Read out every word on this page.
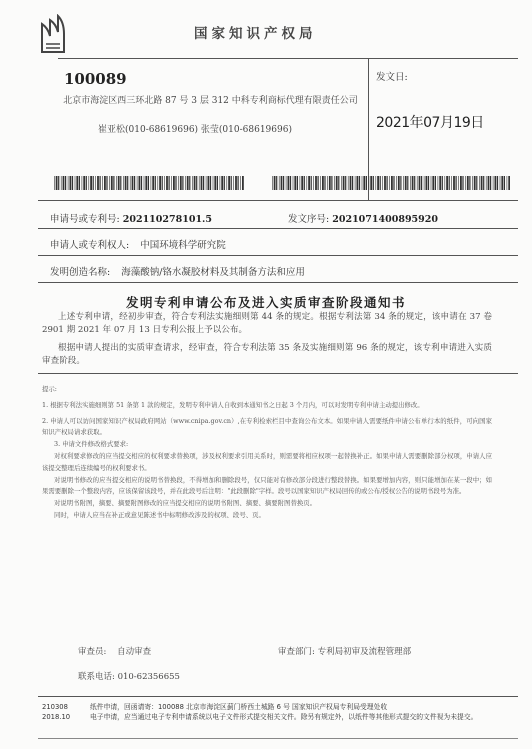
国家知识产权局
100089
北京市海淀区西三环北路 87 号 3 层 312 中科专利商标代理有限责任公司
崔亚松(010-68619696) 张莹(010-68619696)
发文日:
2021年07月19日
申请号或专利号: 202110278101.5	发文序号: 2021071400895920
申请人或专利权人: 中国环境科学研究院
发明创造名称: 海藻酸钠/铬水凝胶材料及其制备方法和应用
发明专利申请公布及进入实质审查阶段通知书
上述专利申请，经初步审查，符合专利法实施细则第 44 条的规定。根据专利法第 34 条的规定，该申请在 37 卷 2901 期 2021 年 07 月 13 日专利公报上予以公布。
根据申请人提出的实质审查请求，经审查，符合专利法第 35 条及实施细则第 96 条的规定，该专利申请进入实质审查阶段。

提示:

1. 根据专利法实施细则第 51 条第 1 款的规定，发明专利申请人自收到本通知书之日起 3 个月内，可以对发明专利申请主动提出修改。

2. 申请人可以访问国家知识产权局政府网站（www.cnipa.gov.cn）,在专利检索栏目中查询公布文本。如果申请人需要纸件申请公布单行本的纸件，可向国家知识产权局请求获取。

3. 申请文件修改格式要求:

对权利要求修改的应当提交相应的权利要求替换项，涉及权利要求引用关系时，则需要将相应权项一起替换补正。如果申请人需要删除部分权项，申请人应该提交整理后连续编号的权利要求书。

对说明书修改的应当提交相应的说明书替换段，不得增加和删除段号，仅只能对有修改部分段进行整段替换。如果要增加内容，则只能增加在某一段中；如果需要删除一个整段内容，应该保留该段号，并在此段号后注明："此段删除"字样。段号以国家知识产权局回传的或公布/授权公告的说明书段号为准。

对说明书附图，摘要、摘要附图修改的应当提交相应的说明书附图、摘要、摘要附图替换页。

同时，申请人应当在补正或意见陈述书中标明修改涉及的权项、段号、页。

审查员: 自动审查	审查部门: 专利局初审及流程管理部
联系电话: 010-62356655
210308
2018.10
纸件申请，回函请寄：100088 北京市海淀区蓟门桥西土城路 6 号 国家知识产权局专利局受理处收
电子申请，应当通过电子专利申请系统以电子文件形式提交相关文件。除另有规定外，以纸件等其他形式提交的文件视为未提交。
